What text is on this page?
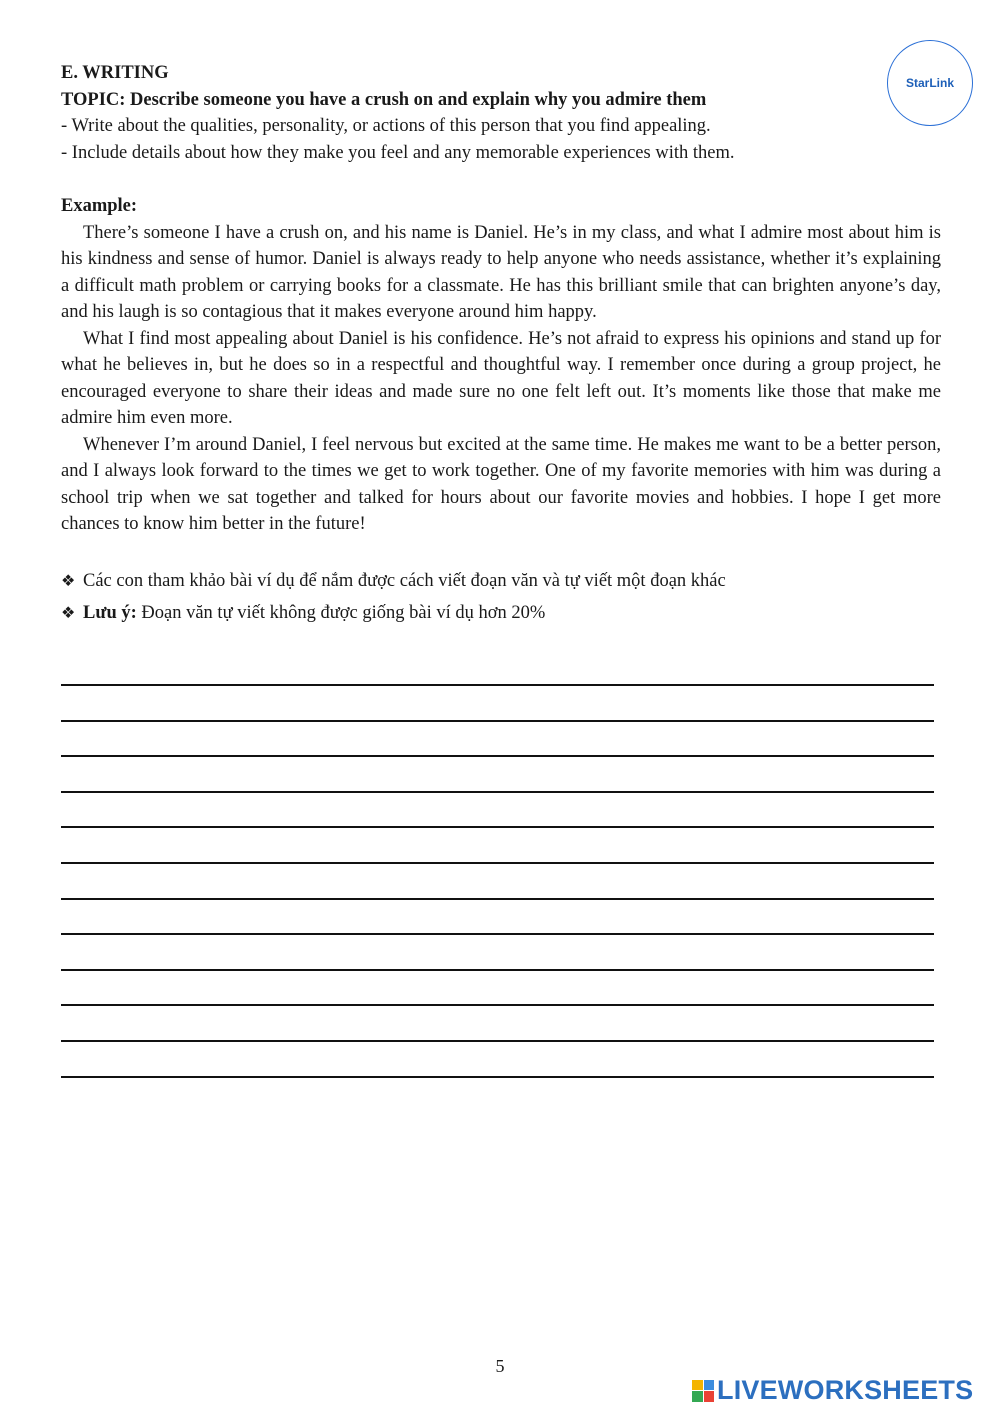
StarLink
E. WRITING
TOPIC: Describe someone you have a crush on and explain why you admire them
- Write about the qualities, personality, or actions of this person that you find appealing.
- Include details about how they make you feel and any memorable experiences with them.
Example:
There’s someone I have a crush on, and his name is Daniel. He’s in my class, and what I admire most about him is his kindness and sense of humor. Daniel is always ready to help anyone who needs assistance, whether it’s explaining a difficult math problem or carrying books for a classmate. He has this brilliant smile that can brighten anyone’s day, and his laugh is so contagious that it makes everyone around him happy.
What I find most appealing about Daniel is his confidence. He’s not afraid to express his opinions and stand up for what he believes in, but he does so in a respectful and thoughtful way. I remember once during a group project, he encouraged everyone to share their ideas and made sure no one felt left out. It’s moments like those that make me admire him even more.
Whenever I’m around Daniel, I feel nervous but excited at the same time. He makes me want to be a better person, and I always look forward to the times we get to work together. One of my favorite memories with him was during a school trip when we sat together and talked for hours about our favorite movies and hobbies. I hope I get more chances to know him better in the future!
❖ Các con tham khảo bài ví dụ để nắm được cách viết đoạn văn và tự viết một đoạn khác
❖ Lưu ý: Đoạn văn tự viết không được giống bài ví dụ hơn 20%
5
LIVEWORKSHEETS
